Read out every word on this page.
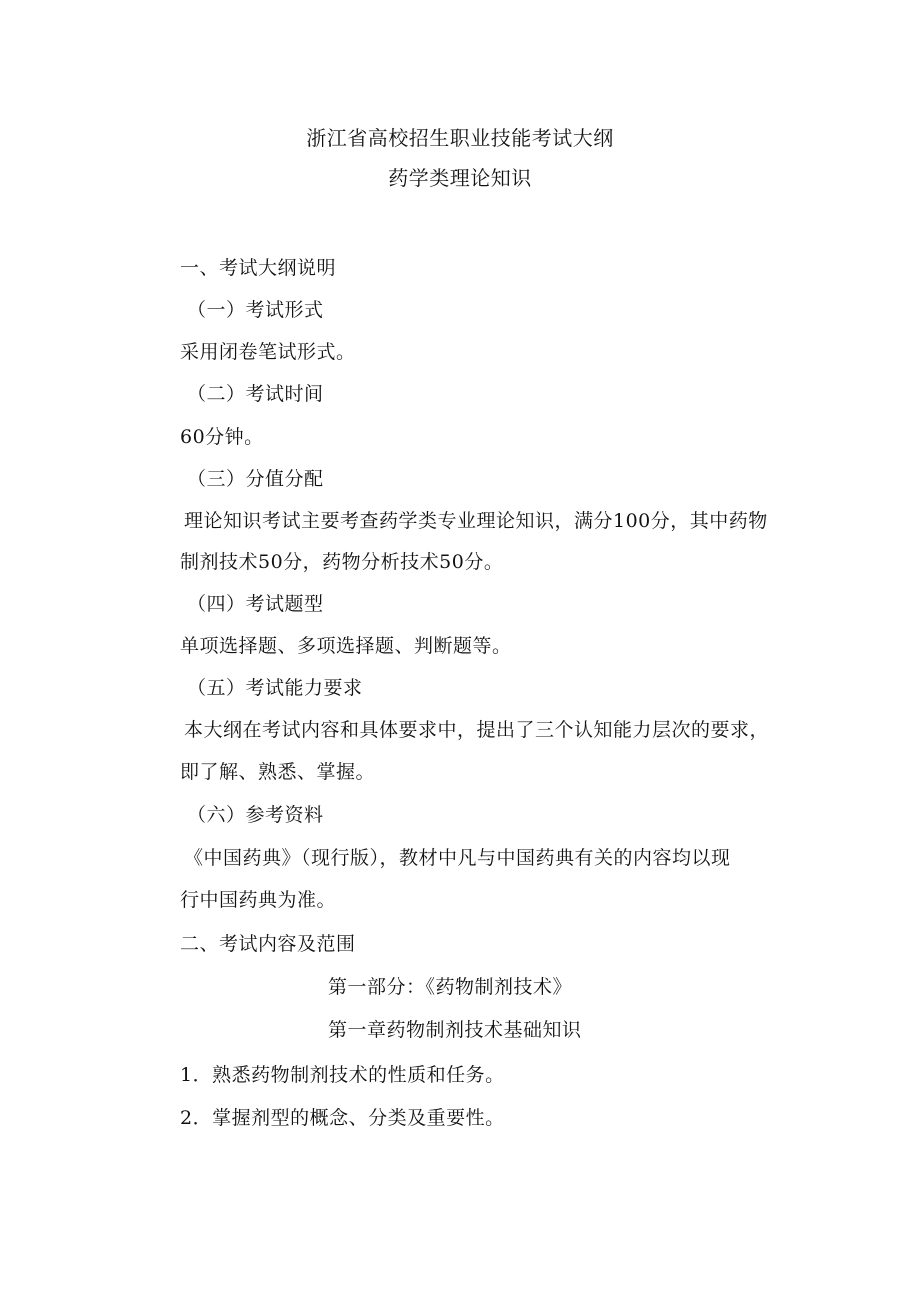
浙江省高校招生职业技能考试大纲
药学类理论知识
一、考试大纲说明
（一）考试形式
采用闭卷笔试形式。
（二）考试时间
60分钟。
（三）分值分配
理论知识考试主要考查药学类专业理论知识，满分100分，其中药物
制剂技术50分，药物分析技术50分。
（四）考试题型
单项选择题、多项选择题、判断题等。
（五）考试能力要求
本大纲在考试内容和具体要求中，提出了三个认知能力层次的要求，
即了解、熟悉、掌握。
（六）参考资料
《中国药典》（现行版），教材中凡与中国药典有关的内容均以现
行中国药典为准。
二、考试内容及范围
第一部分：《药物制剂技术》
第一章药物制剂技术基础知识
1．熟悉药物制剂技术的性质和任务。
2．掌握剂型的概念、分类及重要性。
